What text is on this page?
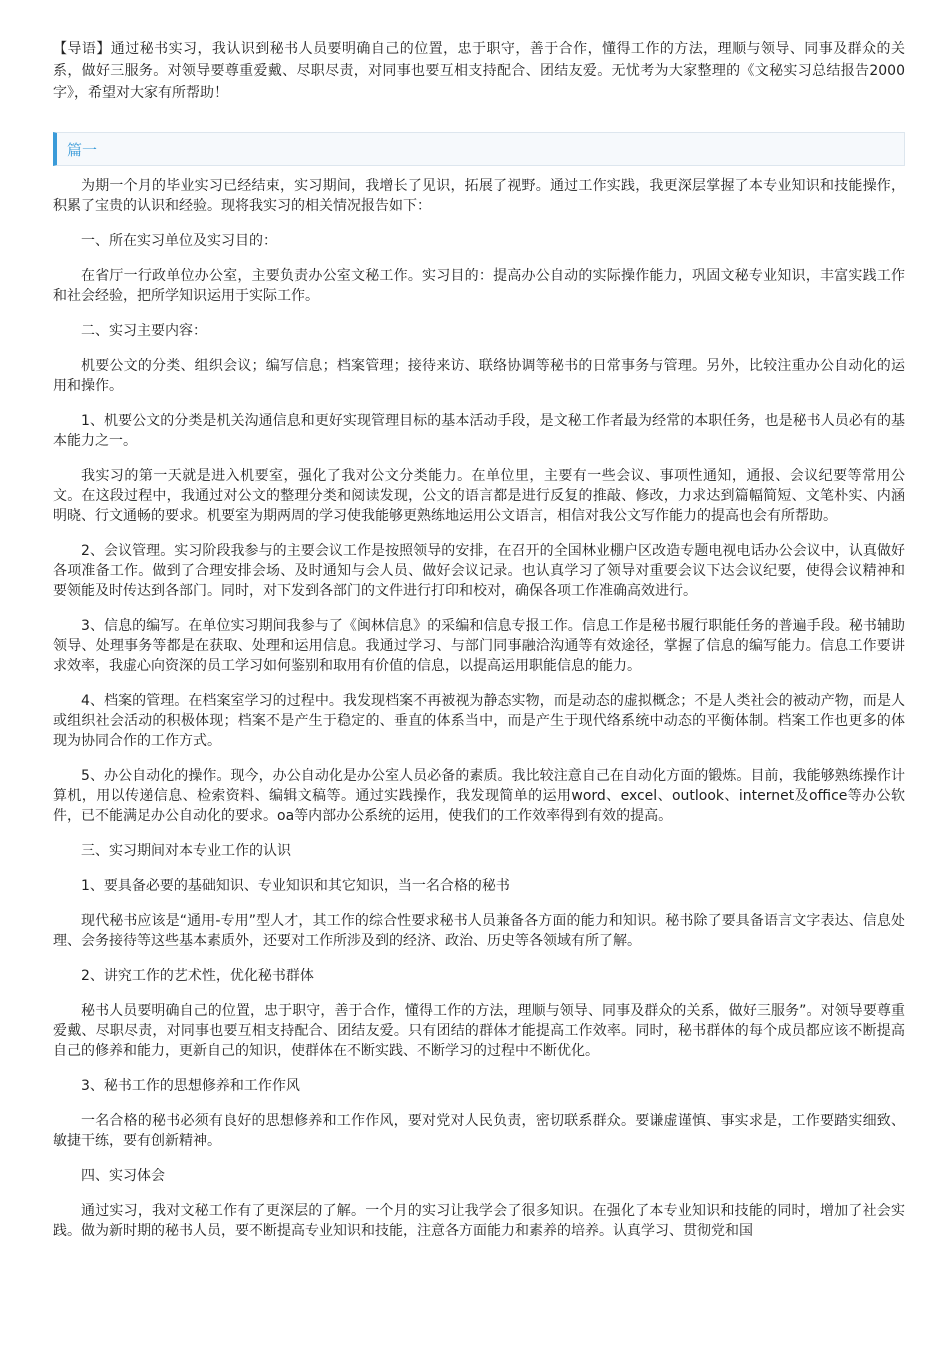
【导语】通过秘书实习，我认识到秘书人员要明确自己的位置，忠于职守，善于合作，懂得工作的方法，理顺与领导、同事及群众的关系，做好三服务。对领导要尊重爱戴、尽职尽责，对同事也要互相支持配合、团结友爱。无忧考为大家整理的《文秘实习总结报告2000字》，希望对大家有所帮助！

篇一

为期一个月的毕业实习已经结束，实习期间，我增长了见识，拓展了视野。通过工作实践，我更深层掌握了本专业知识和技能操作，积累了宝贵的认识和经验。现将我实习的相关情况报告如下：

一、所在实习单位及实习目的：

在省厅一行政单位办公室，主要负责办公室文秘工作。实习目的：提高办公自动的实际操作能力，巩固文秘专业知识，丰富实践工作和社会经验，把所学知识运用于实际工作。

二、实习主要内容：

机要公文的分类、组织会议；编写信息；档案管理；接待来访、联络协调等秘书的日常事务与管理。另外，比较注重办公自动化的运用和操作。

1、机要公文的分类是机关沟通信息和更好实现管理目标的基本活动手段，是文秘工作者最为经常的本职任务，也是秘书人员必有的基本能力之一。

我实习的第一天就是进入机要室，强化了我对公文分类能力。在单位里，主要有一些会议、事项性通知，通报、会议纪要等常用公文。在这段过程中，我通过对公文的整理分类和阅读发现，公文的语言都是进行反复的推敲、修改，力求达到篇幅简短、文笔朴实、内涵明晓、行文通畅的要求。机要室为期两周的学习使我能够更熟练地运用公文语言，相信对我公文写作能力的提高也会有所帮助。

2、会议管理。实习阶段我参与的主要会议工作是按照领导的安排，在召开的全国林业棚户区改造专题电视电话办公会议中，认真做好各项准备工作。做到了合理安排会场、及时通知与会人员、做好会议记录。也认真学习了领导对重要会议下达会议纪要，使得会议精神和要领能及时传达到各部门。同时，对下发到各部门的文件进行打印和校对，确保各项工作准确高效进行。

3、信息的编写。在单位实习期间我参与了《闽林信息》的采编和信息专报工作。信息工作是秘书履行职能任务的普遍手段。秘书辅助领导、处理事务等都是在获取、处理和运用信息。我通过学习、与部门同事融洽沟通等有效途径，掌握了信息的编写能力。信息工作要讲求效率，我虚心向资深的员工学习如何鉴别和取用有价值的信息，以提高运用职能信息的能力。

4、档案的管理。在档案室学习的过程中。我发现档案不再被视为静态实物，而是动态的虚拟概念；不是人类社会的被动产物，而是人或组织社会活动的积极体现；档案不是产生于稳定的、垂直的体系当中，而是产生于现代络系统中动态的平衡体制。档案工作也更多的体现为协同合作的工作方式。

5、办公自动化的操作。现今，办公自动化是办公室人员必备的素质。我比较注意自己在自动化方面的锻炼。目前，我能够熟练操作计算机，用以传递信息、检索资料、编辑文稿等。通过实践操作，我发现简单的运用word、excel、outlook、internet及office等办公软件，已不能满足办公自动化的要求。oa等内部办公系统的运用，使我们的工作效率得到有效的提高。

三、实习期间对本专业工作的认识

1、要具备必要的基础知识、专业知识和其它知识，当一名合格的秘书

现代秘书应该是“通用-专用”型人才，其工作的综合性要求秘书人员兼备各方面的能力和知识。秘书除了要具备语言文字表达、信息处理、会务接待等这些基本素质外，还要对工作所涉及到的经济、政治、历史等各领域有所了解。

2、讲究工作的艺术性，优化秘书群体

秘书人员要明确自己的位置，忠于职守，善于合作，懂得工作的方法，理顺与领导、同事及群众的关系，做好三服务”。对领导要尊重爱戴、尽职尽责，对同事也要互相支持配合、团结友爱。只有团结的群体才能提高工作效率。同时，秘书群体的每个成员都应该不断提高自己的修养和能力，更新自己的知识，使群体在不断实践、不断学习的过程中不断优化。

3、秘书工作的思想修养和工作作风

一名合格的秘书必须有良好的思想修养和工作作风，要对党对人民负责，密切联系群众。要谦虚谨慎、事实求是，工作要踏实细致、敏捷干练，要有创新精神。

四、实习体会

通过实习，我对文秘工作有了更深层的了解。一个月的实习让我学会了很多知识。在强化了本专业知识和技能的同时，增加了社会实践。做为新时期的秘书人员，要不断提高专业知识和技能，注意各方面能力和素养的培养。认真学习、贯彻党和国
